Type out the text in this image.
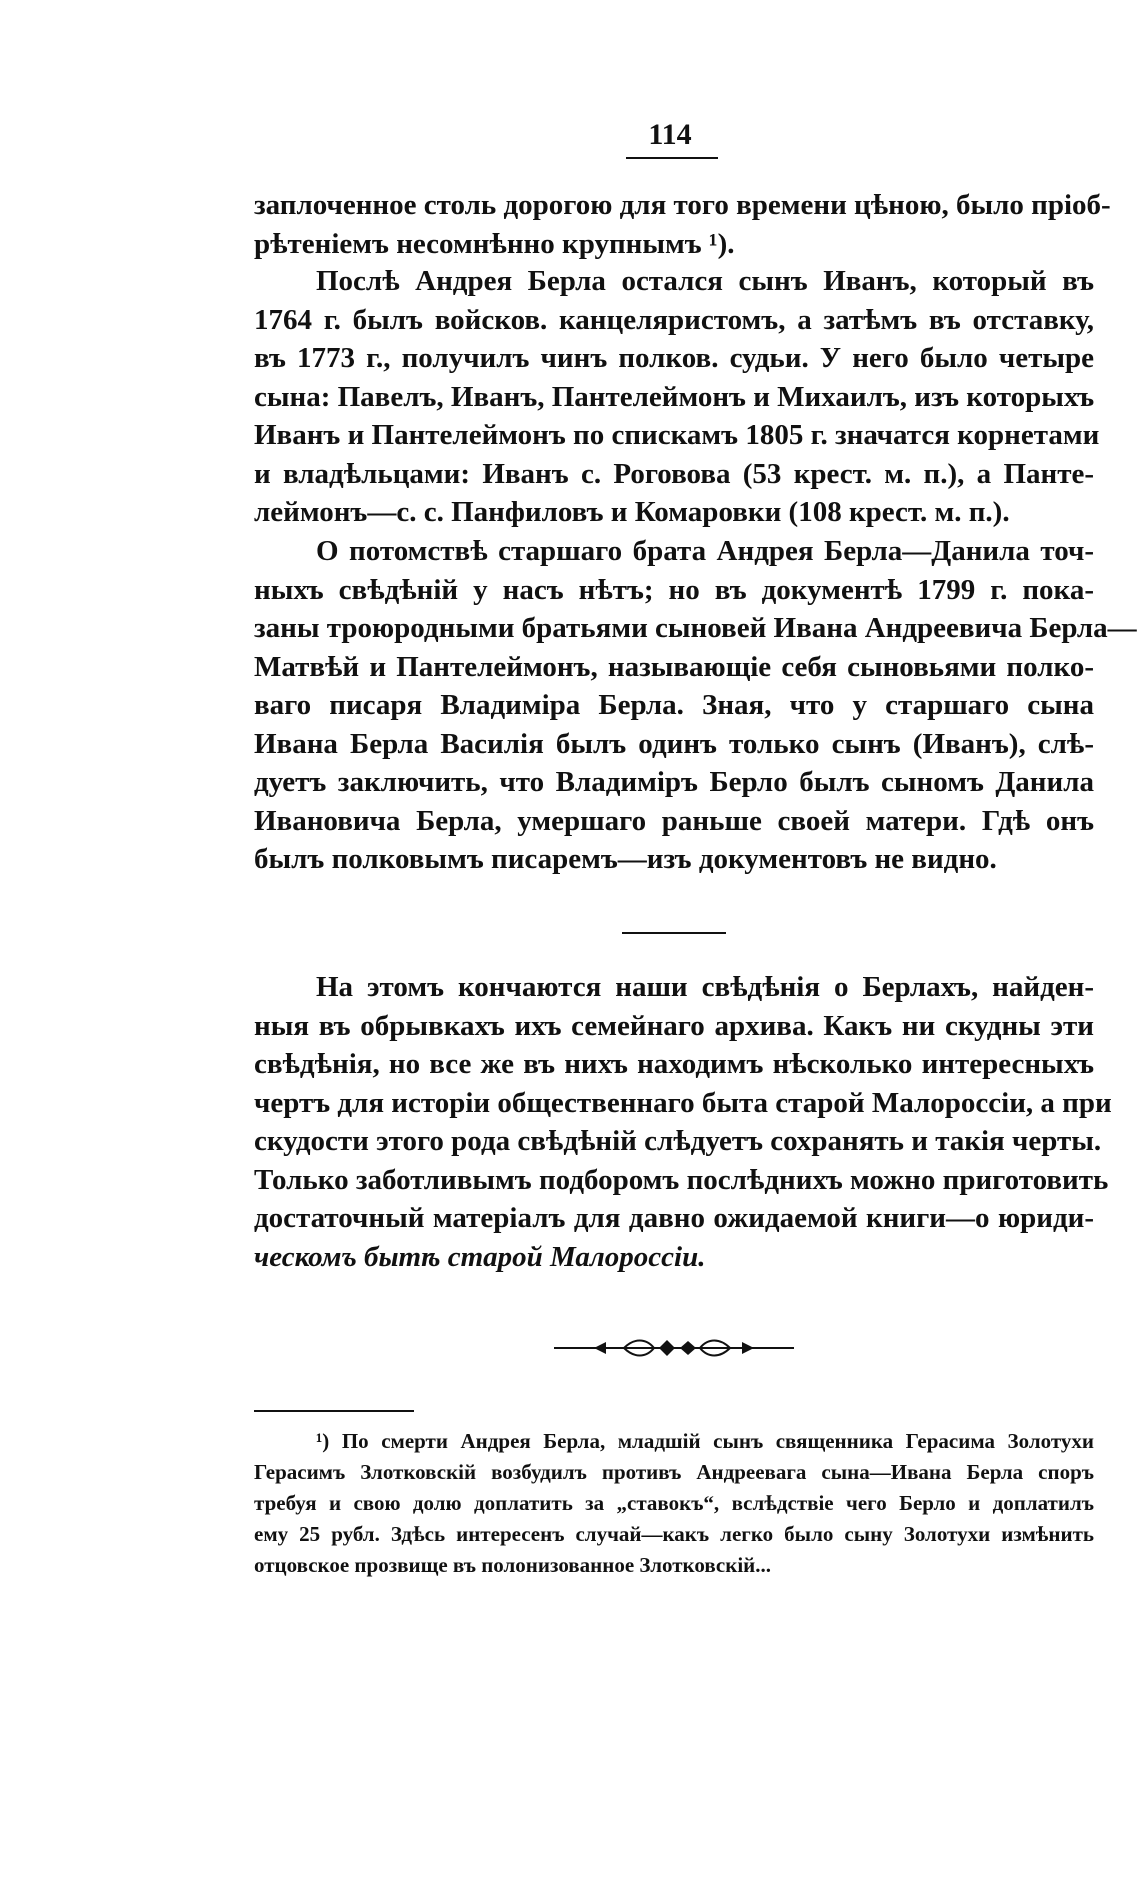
114
заплоченное столь дорогою для того времени цѣною, было пріоб-
рѣтеніемъ несомнѣнно крупнымъ ¹).
Послѣ Андрея Берла остался сынъ Иванъ, который въ
1764 г. былъ войсков. канцеляристомъ, а затѣмъ въ отставку,
въ 1773 г., получилъ чинъ полков. судьи. У него было четыре
сына: Павелъ, Иванъ, Пантелеймонъ и Михаилъ, изъ которыхъ
Иванъ и Пантелеймонъ по спискамъ 1805 г. значатся корнетами
и владѣльцами: Иванъ с. Роговова (53 крест. м. п.), а Панте-
леймонъ—с. с. Панфиловъ и Комаровки (108 крест. м. п.).
О потомствѣ старшаго брата Андрея Берла—Данила точ-
ныхъ свѣдѣній у насъ нѣтъ; но въ документѣ 1799 г. пока-
заны троюродными братьями сыновей Ивана Андреевича Берла—
Матвѣй и Пантелеймонъ, называющіе себя сыновьями полко-
ваго писаря Владиміра Берла. Зная, что у старшаго сына
Ивана Берла Василія былъ одинъ только сынъ (Иванъ), слѣ-
дуетъ заключить, что Владиміръ Берло былъ сыномъ Данила
Ивановича Берла, умершаго раньше своей матери. Гдѣ онъ
былъ полковымъ писаремъ—изъ документовъ не видно.
На этомъ кончаются наши свѣдѣнія о Берлахъ, найден-
ныя въ обрывкахъ ихъ семейнаго архива. Какъ ни скудны эти
свѣдѣнія, но все же въ нихъ находимъ нѣсколько интересныхъ
чертъ для исторіи общественнаго быта старой Малороссіи, а при
скудости этого рода свѣдѣній слѣдуетъ сохранять и такія черты.
Только заботливымъ подборомъ послѣднихъ можно приготовить
достаточный матеріалъ для давно ожидаемой книги—о юриди-
ческомъ бытѣ старой Малороссіи.
¹) По смерти Андрея Берла, младшій сынъ священника Герасима Золотухи
Герасимъ Злотковскій возбудилъ противъ Андреевага сына—Ивана Берла споръ
требуя и свою долю доплатить за „ставокъ“, вслѣдствіе чего Берло и доплатилъ
ему 25 рубл. Здѣсь интересенъ случай—какъ легко было сыну Золотухи измѣнить
отцовское прозвище въ полонизованное Злотковскій...
